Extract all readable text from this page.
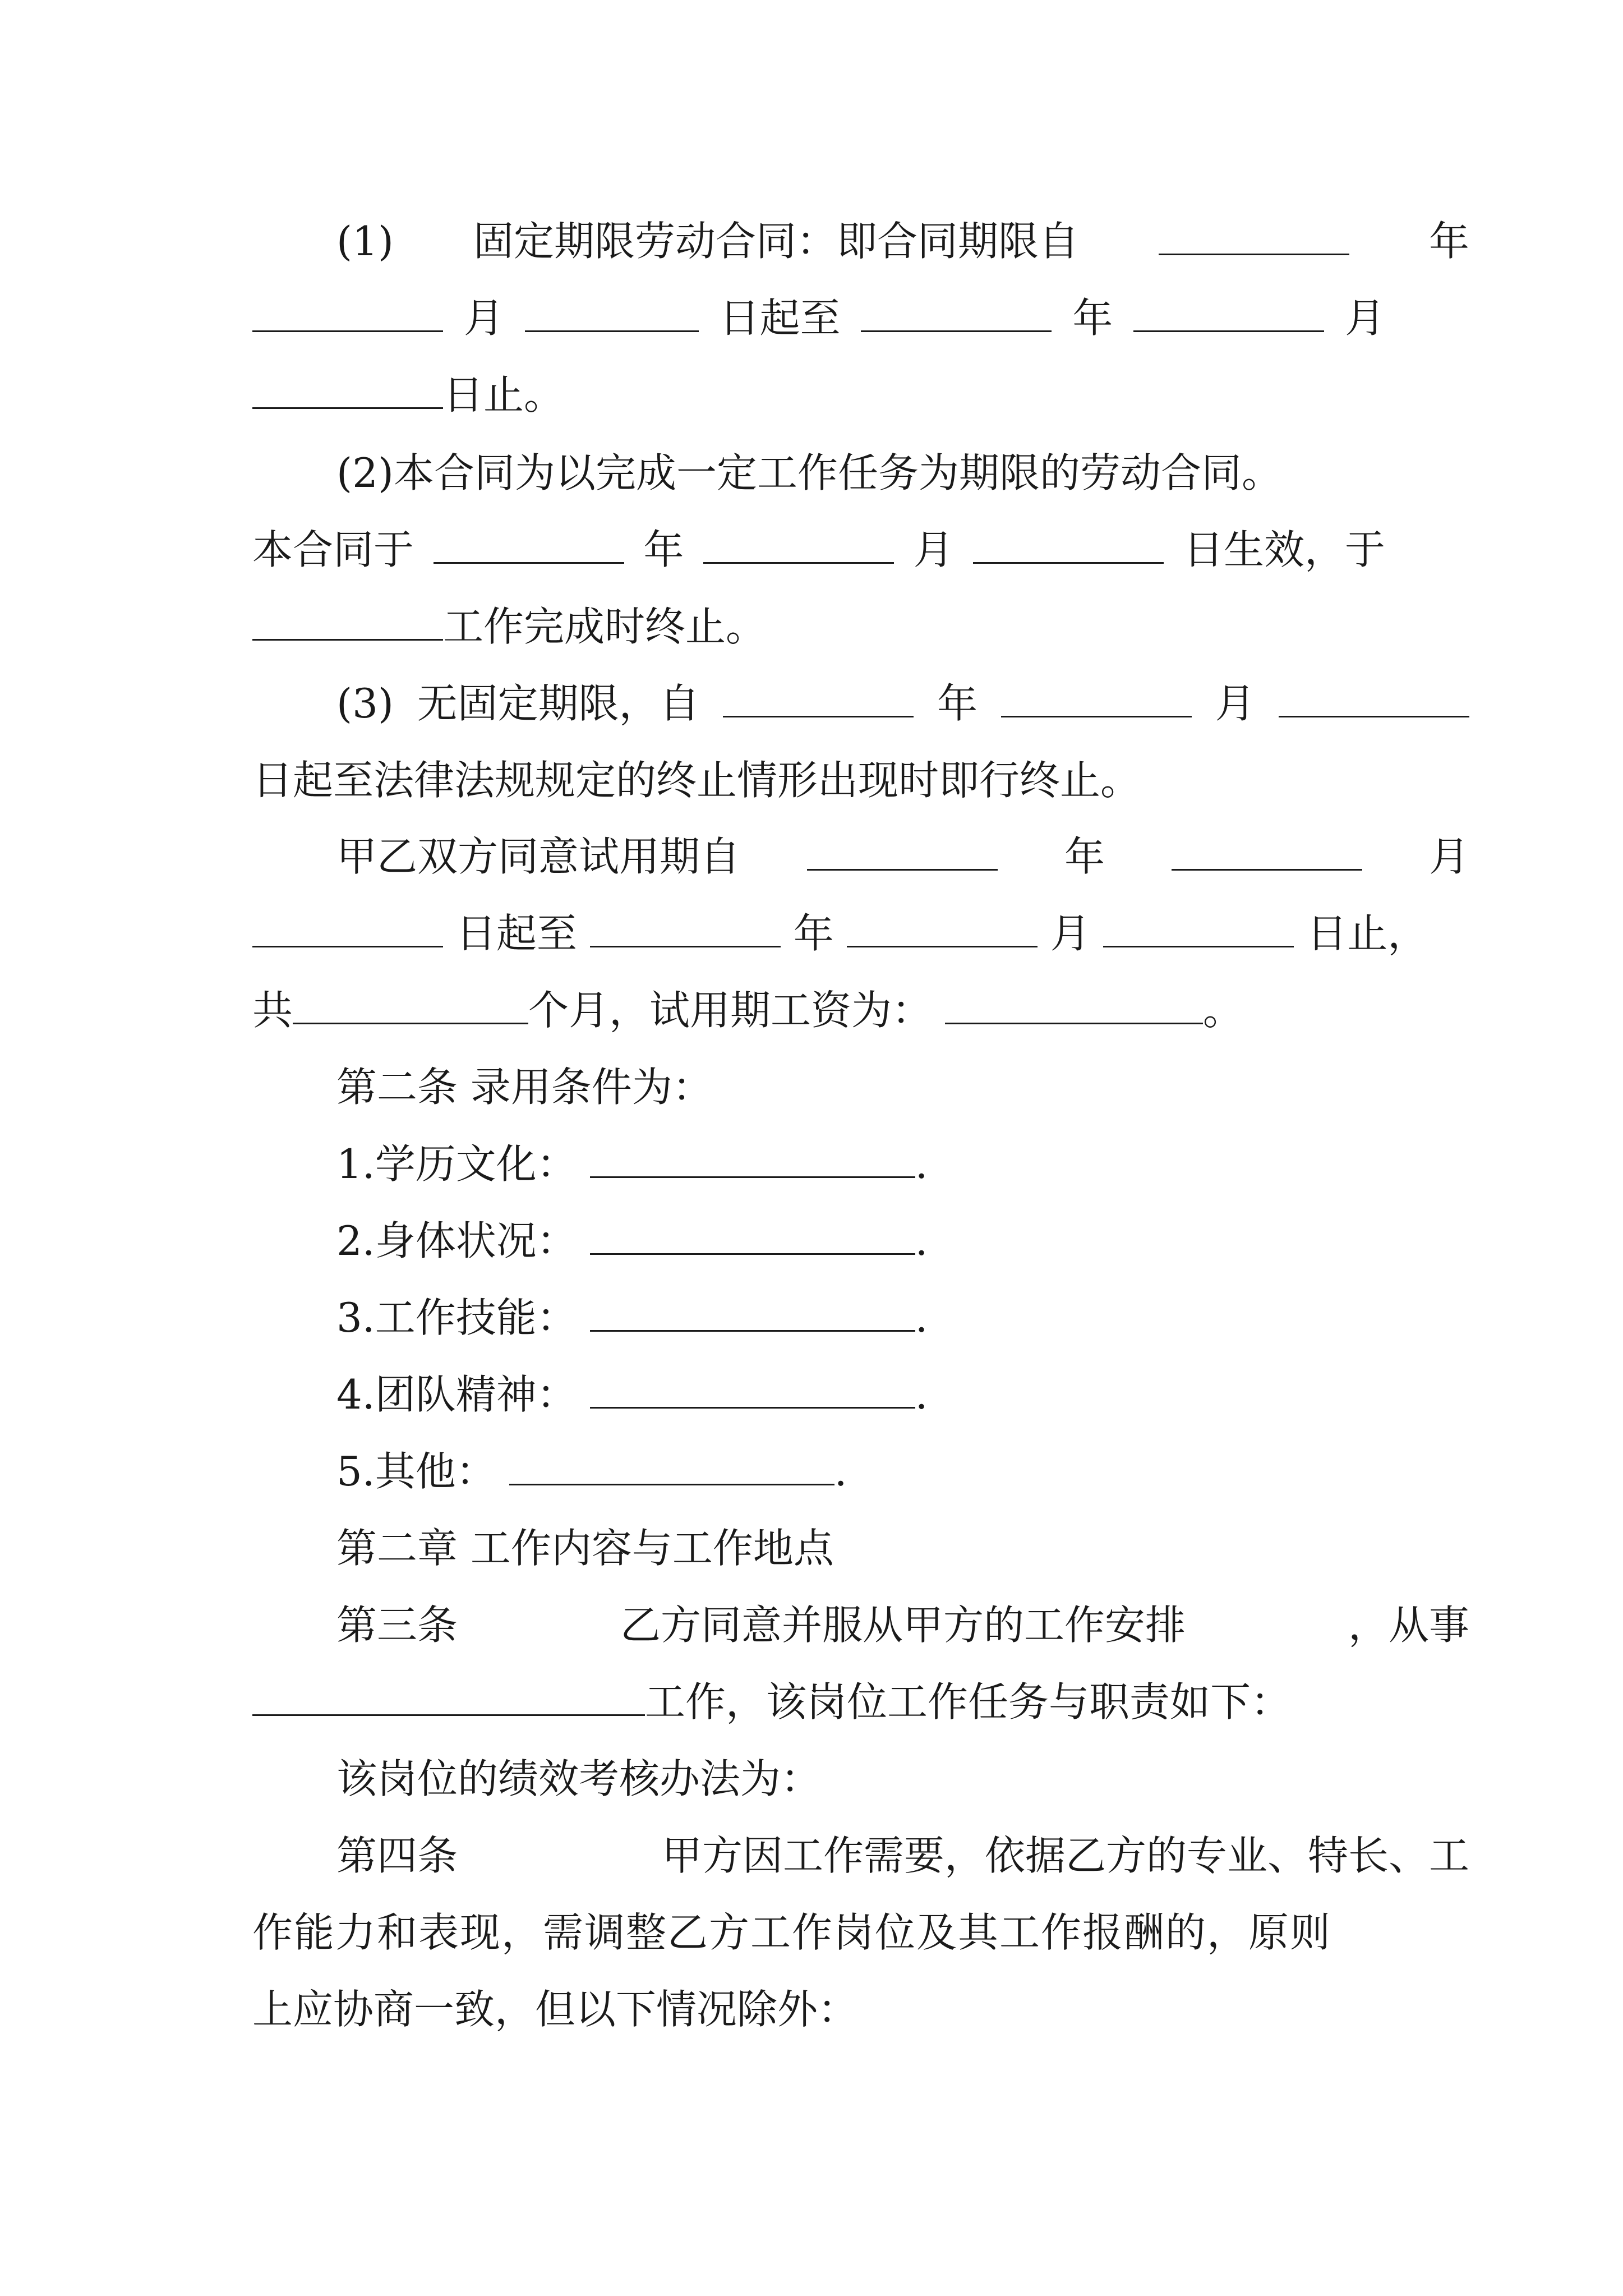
(1) 固定期限劳动合同：即合同期限自	年
月	日起至	年	月
日止。
(2)本合同为以完成一定工作任务为期限的劳动合同。
本合同于	年	月	日生效，于
工作完成时终止。
(3) 无固定期限，自	年	月
日起至法律法规规定的终止情形出现时即行终止。
甲乙双方同意试用期自	年	月
日起至	年	月	日止，
共	个月，试用期工资为：	。
第二条 录用条件为：
1.学历文化：	.
2.身体状况：	.
3.工作技能：	.
4.团队精神：	.
5.其他：	.
第二章 工作内容与工作地点
第三条	乙方同意并服从甲方的工作安排	，从事
工作，该岗位工作任务与职责如下：
该岗位的绩效考核办法为：
第四条	甲方因工作需要，依据乙方的专业、特长、工
作能力和表现，需调整乙方工作岗位及其工作报酬的，原则
上应协商一致，但以下情况除外：
